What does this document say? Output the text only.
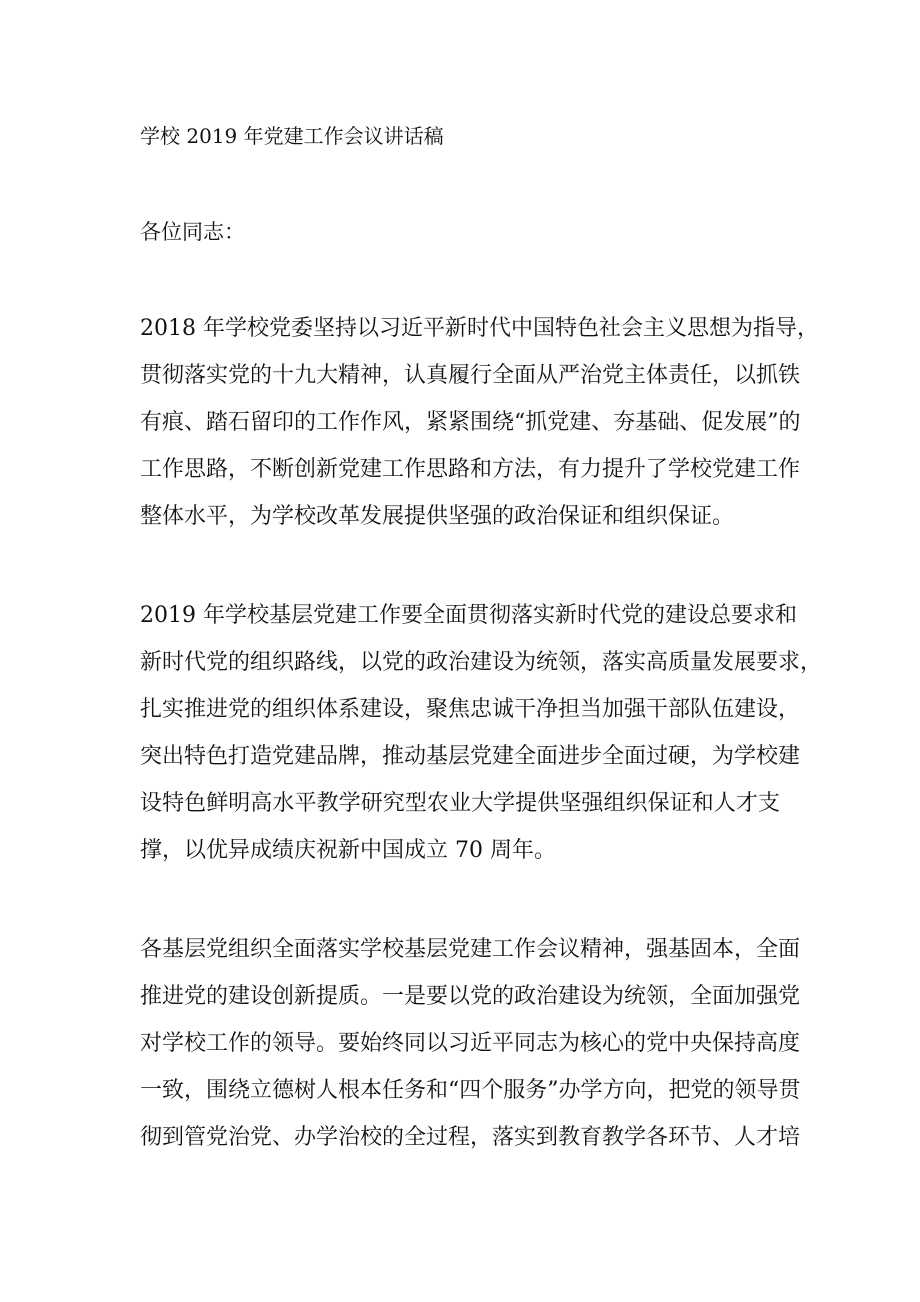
学校 2019 年党建工作会议讲话稿

各位同志：

2018 年学校党委坚持以习近平新时代中国特色社会主义思想为指导，
贯彻落实党的十九大精神，认真履行全面从严治党主体责任，以抓铁
有痕、踏石留印的工作作风，紧紧围绕“抓党建、夯基础、促发展”的
工作思路，不断创新党建工作思路和方法，有力提升了学校党建工作
整体水平，为学校改革发展提供坚强的政治保证和组织保证。
2019 年学校基层党建工作要全面贯彻落实新时代党的建设总要求和
新时代党的组织路线，以党的政治建设为统领，落实高质量发展要求，
扎实推进党的组织体系建设，聚焦忠诚干净担当加强干部队伍建设，
突出特色打造党建品牌，推动基层党建全面进步全面过硬，为学校建
设特色鲜明高水平教学研究型农业大学提供坚强组织保证和人才支
撑，以优异成绩庆祝新中国成立 70 周年。
各基层党组织全面落实学校基层党建工作会议精神，强基固本，全面
推进党的建设创新提质。一是要以党的政治建设为统领，全面加强党
对学校工作的领导。要始终同以习近平同志为核心的党中央保持高度
一致，围绕立德树人根本任务和“四个服务”办学方向，把党的领导贯
彻到管党治党、办学治校的全过程，落实到教育教学各环节、人才培
